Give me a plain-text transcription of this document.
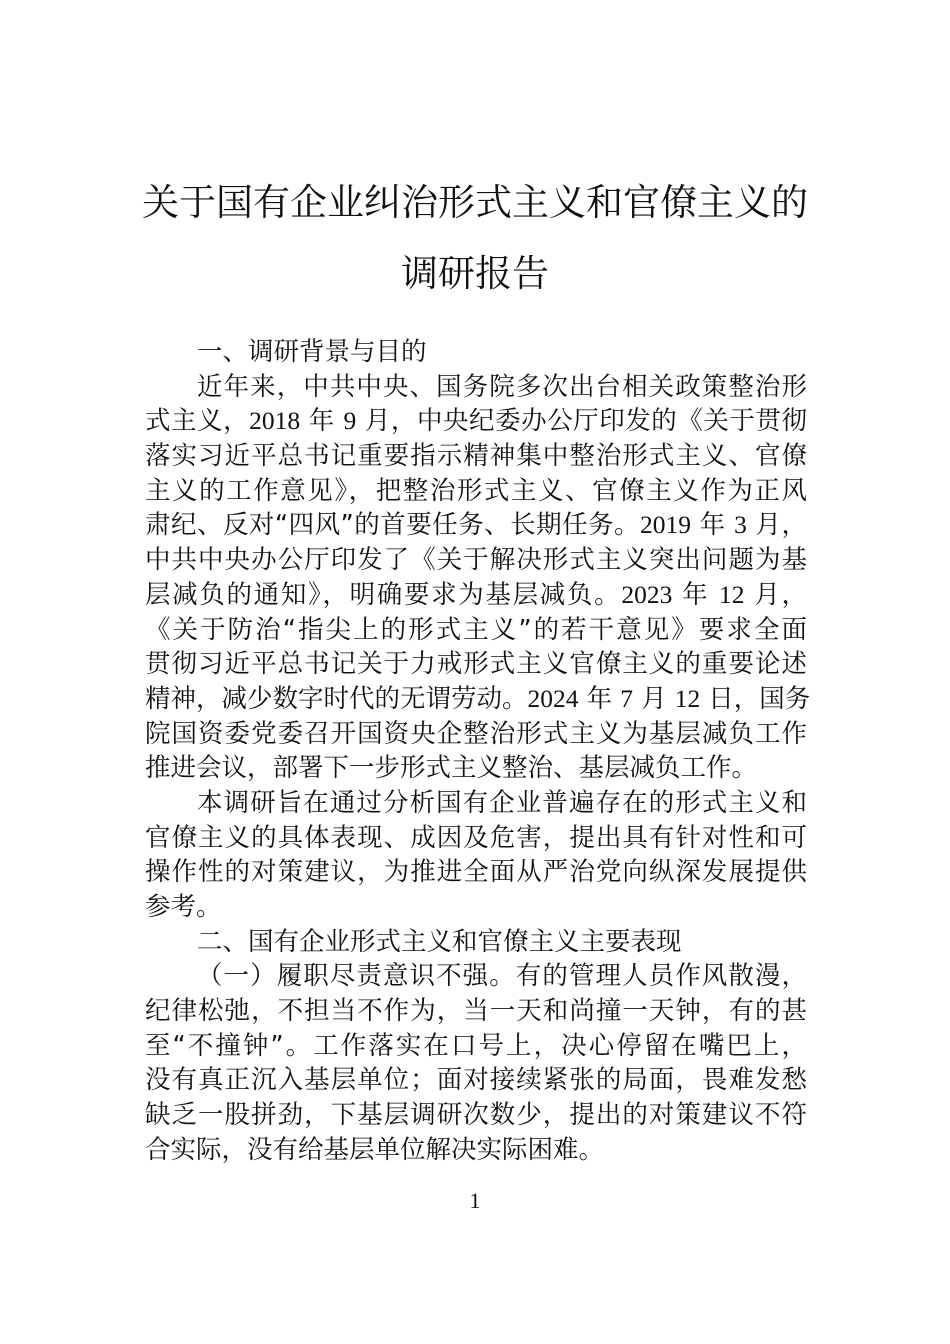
关于国有企业纠治形式主义和官僚主义的
调研报告
一、调研背景与目的
近年来，中共中央、国务院多次出台相关政策整治形
式主义，2018 年 9 月，中央纪委办公厅印发的《关于贯彻
落实习近平总书记重要指示精神集中整治形式主义、官僚
主义的工作意见》，把整治形式主义、官僚主义作为正风
肃纪、反对“四风”的首要任务、长期任务。2019 年 3 月，
中共中央办公厅印发了《关于解决形式主义突出问题为基
层减负的通知》，明确要求为基层减负。2023 年 12 月，
《关于防治“指尖上的形式主义”的若干意见》要求全面
贯彻习近平总书记关于力戒形式主义官僚主义的重要论述
精神，减少数字时代的无谓劳动。2024 年 7 月 12 日，国务
院国资委党委召开国资央企整治形式主义为基层减负工作
推进会议，部署下一步形式主义整治、基层减负工作。
本调研旨在通过分析国有企业普遍存在的形式主义和
官僚主义的具体表现、成因及危害，提出具有针对性和可
操作性的对策建议，为推进全面从严治党向纵深发展提供
参考。
二、国有企业形式主义和官僚主义主要表现
（一）履职尽责意识不强。有的管理人员作风散漫，
纪律松弛，不担当不作为，当一天和尚撞一天钟，有的甚
至“不撞钟”。工作落实在口号上，决心停留在嘴巴上，
没有真正沉入基层单位；面对接续紧张的局面，畏难发愁
缺乏一股拼劲，下基层调研次数少，提出的对策建议不符
合实际，没有给基层单位解决实际困难。
1
